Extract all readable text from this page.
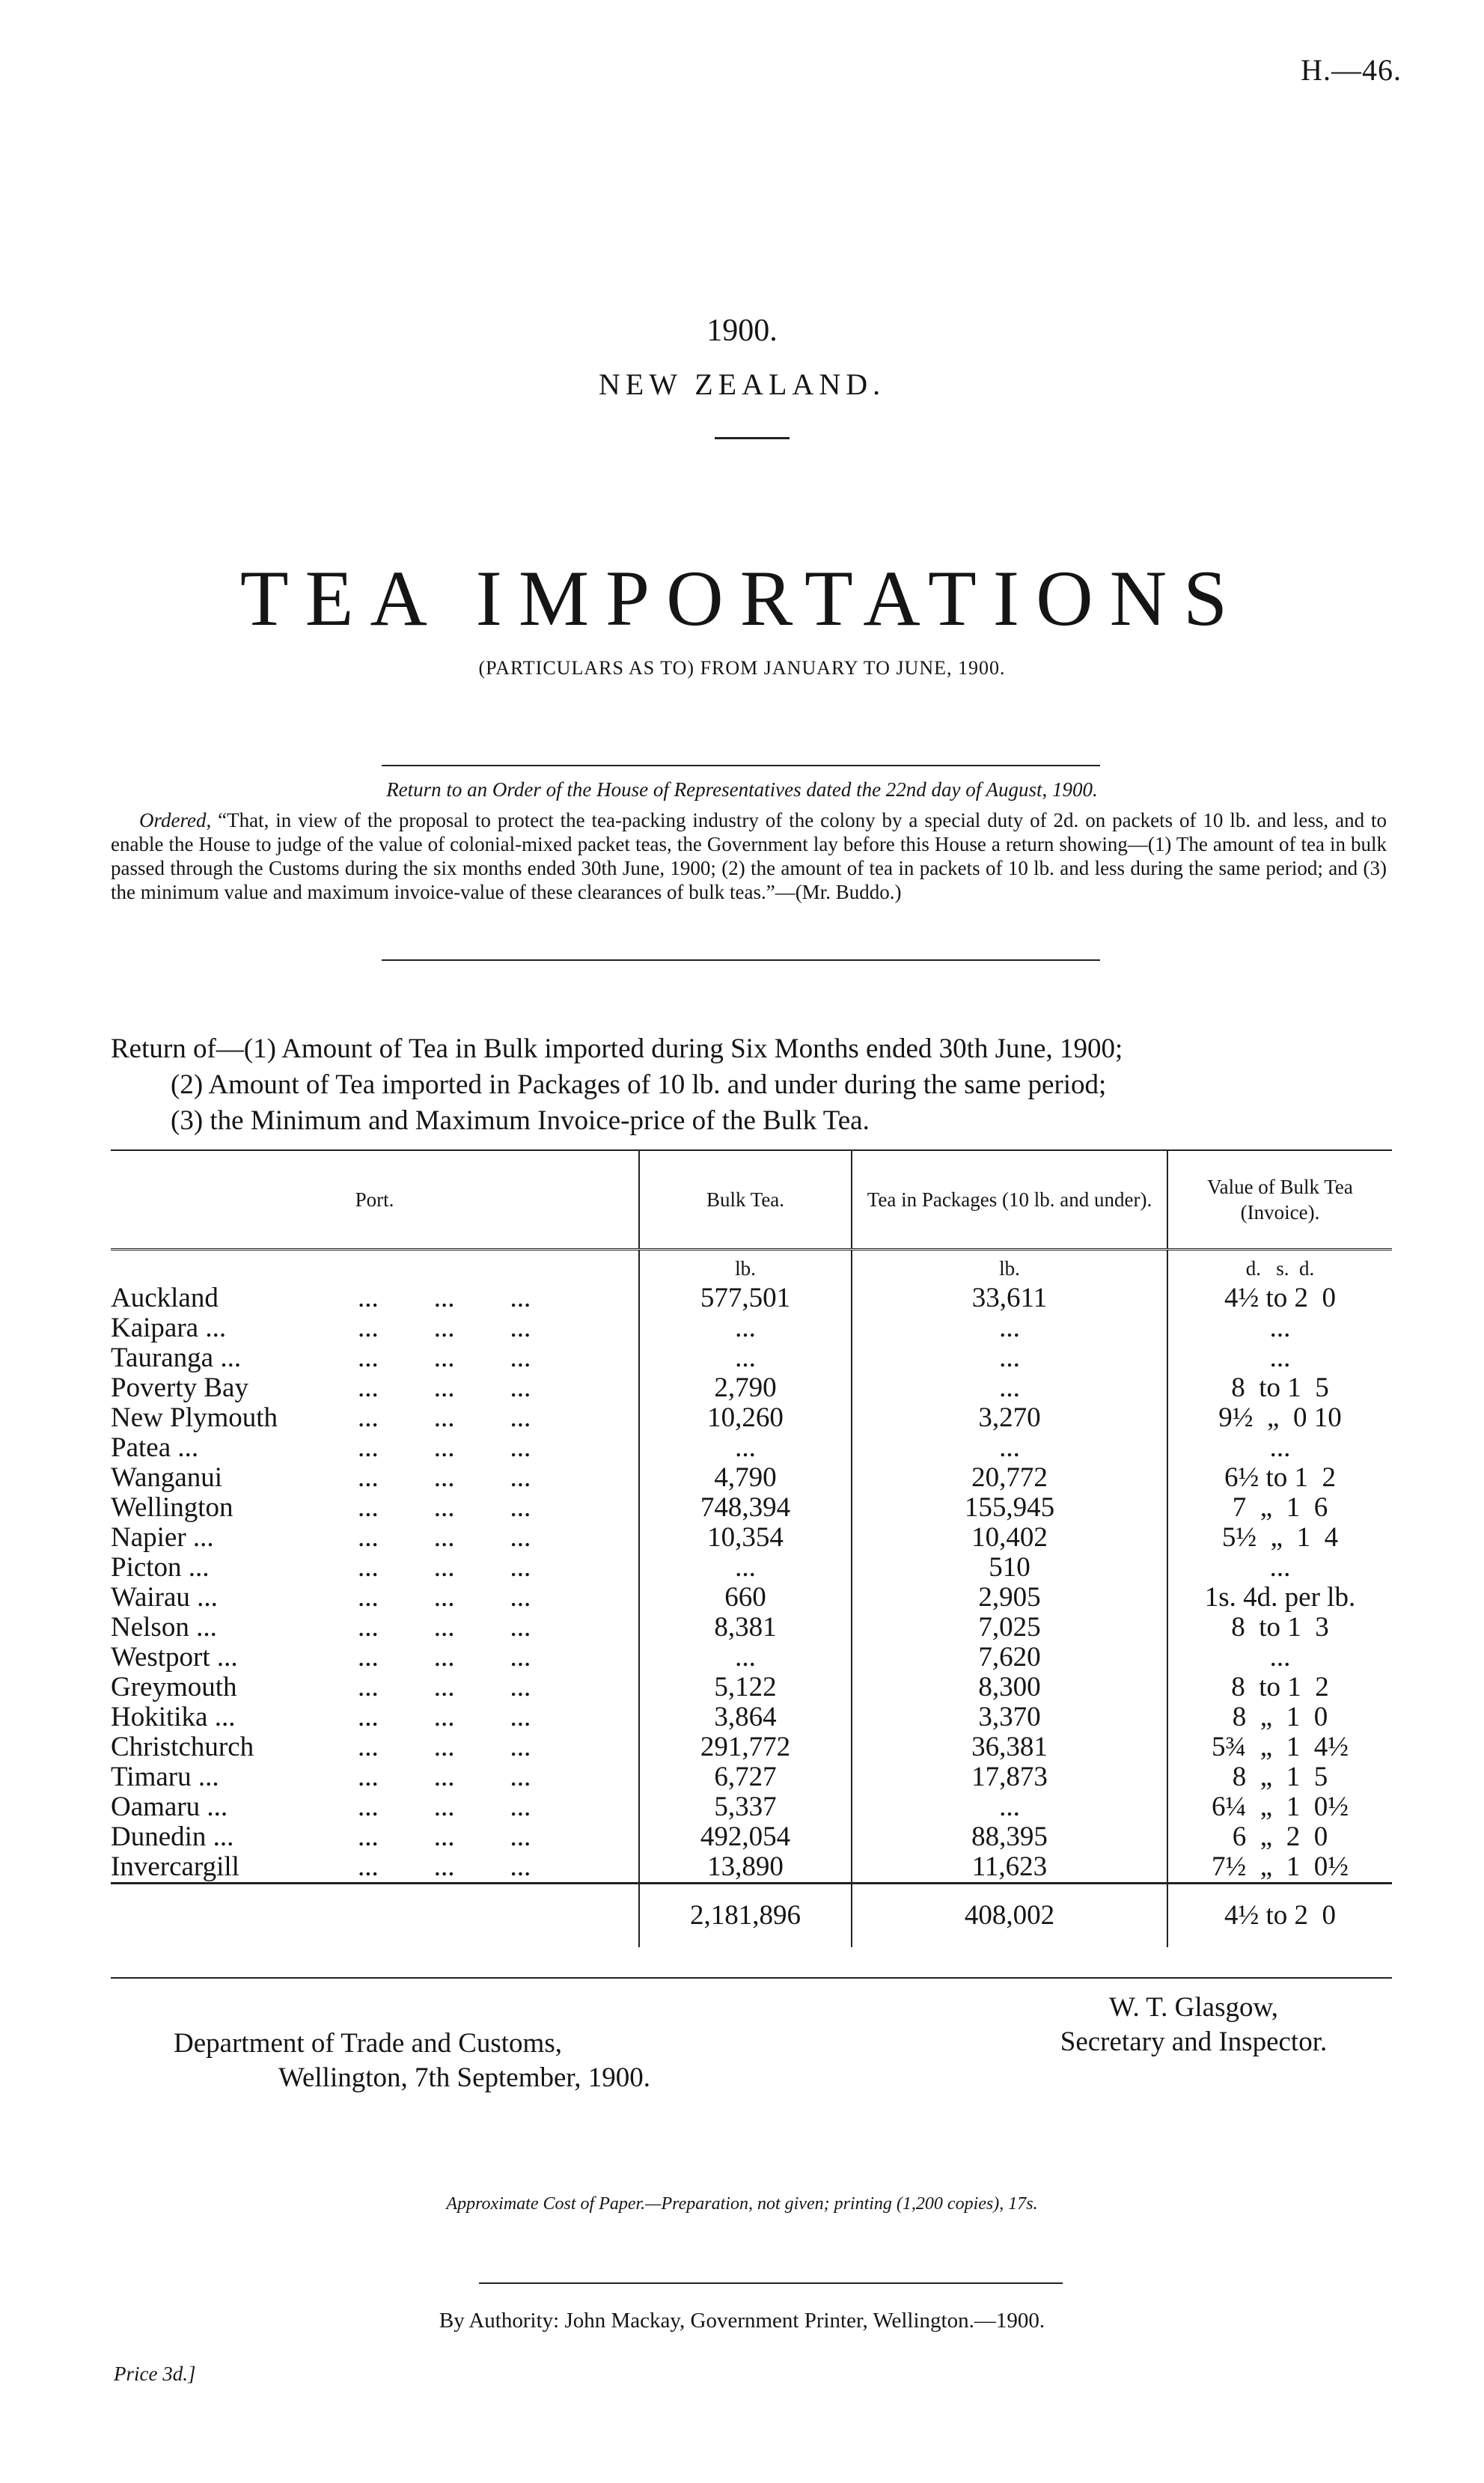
H.—46.
1900.
NEW ZEALAND.
TEA IMPORTATIONS
(PARTICULARS AS TO) FROM JANUARY TO JUNE, 1900.
Return to an Order of the House of Representatives dated the 22nd day of August, 1900.
Ordered, “That, in view of the proposal to protect the tea-packing industry of the colony by a special duty of 2d. on packets of 10 lb. and less, and to enable the House to judge of the value of colonial-mixed packet teas, the Government lay before this House a return showing—(1) The amount of tea in bulk passed through the Customs during the six months ended 30th June, 1900; (2) the amount of tea in packets of 10 lb. and less during the same period; and (3) the minimum value and maximum invoice-value of these clearances of bulk teas.”—(Mr. Buddo.)
Return of—(1) Amount of Tea in Bulk imported during Six Months ended 30th June, 1900;
(2) Amount of Tea imported in Packages of 10 lb. and under during the same period;
(3) the Minimum and Maximum Invoice-price of the Bulk Tea.
Port.	Bulk Tea.	Tea in Packages (10 lb. and under).	Value of Bulk Tea (Invoice).
	lb.	lb.	d.   s.  d.
Auckland ...        ...        ...	577,501	33,611	4½ to 2  0
Kaipara ... ...        ...        ...	...	...	...
Tauranga ... ...        ...        ...	...	...	...
Poverty Bay ...        ...        ...	2,790	...	8  to 1  5
New Plymouth ...        ...        ...	10,260	3,270	9½  „  0 10
Patea ... ...        ...        ...	...	...	...
Wanganui ...        ...        ...	4,790	20,772	6½ to 1  2
Wellington ...        ...        ...	748,394	155,945	7  „  1  6
Napier ... ...        ...        ...	10,354	10,402	5½  „  1  4
Picton ... ...        ...        ...	...	510	...
Wairau ... ...        ...        ...	660	2,905	1s. 4d. per lb.
Nelson ... ...        ...        ...	8,381	7,025	8  to 1  3
Westport ... ...        ...        ...	...	7,620	...
Greymouth ...        ...        ...	5,122	8,300	8  to 1  2
Hokitika ... ...        ...        ...	3,864	3,370	8  „  1  0
Christchurch ...        ...        ...	291,772	36,381	5¾  „  1  4½
Timaru ... ...        ...        ...	6,727	17,873	8  „  1  5
Oamaru ... ...        ...        ...	5,337	...	6¼  „  1  0½
Dunedin ... ...        ...        ...	492,054	88,395	6  „  2  0
Invercargill ...        ...        ...	13,890	11,623	7½  „  1  0½
	2,181,896	408,002	4½ to 2  0
W. T. Glasgow,
Secretary and Inspector.
Department of Trade and Customs,
Wellington, 7th September, 1900.
Approximate Cost of Paper.—Preparation, not given; printing (1,200 copies), 17s.
By Authority: John Mackay, Government Printer, Wellington.—1900.
Price 3d.]
